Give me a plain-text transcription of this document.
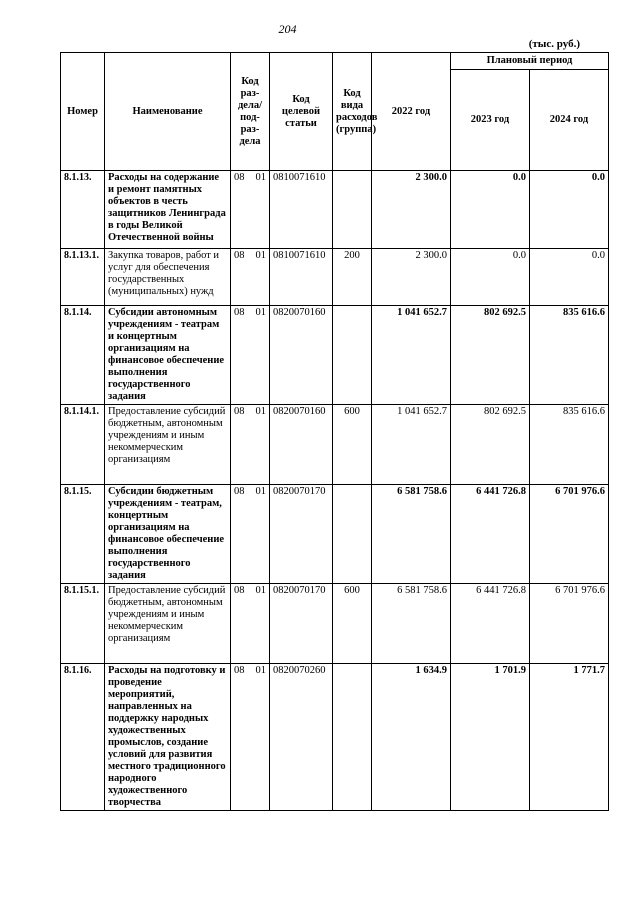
204
(тыс. руб.)
Номер	Наименование	Код раз-дела/ под-раз-дела	Код целевой статьи	Код вида расходов (группа)	2022 год	Плановый период	
						2023 год	2024 год
8.1.13.	Расходы на содержание и ремонт памятных объектов в честь защитников Ленинграда в годы Великой Отечественной войны	08 01	0810071610		2 300.0	0.0	0.0
8.1.13.1.	Закупка товаров, работ и услуг для обеспечения государственных (муниципальных) нужд	08 01	0810071610	200	2 300.0	0.0	0.0
8.1.14.	Субсидии автономным учреждениям - театрам и концертным организациям на финансовое обеспечение выполнения государственного задания	08 01	0820070160		1 041 652.7	802 692.5	835 616.6
8.1.14.1.	Предоставление субсидий бюджетным, автономным учреждениям и иным некоммерческим организациям	08 01	0820070160	600	1 041 652.7	802 692.5	835 616.6
8.1.15.	Субсидии бюджетным учреждениям - театрам, концертным организациям на финансовое обеспечение выполнения государственного задания	08 01	0820070170		6 581 758.6	6 441 726.8	6 701 976.6
8.1.15.1.	Предоставление субсидий бюджетным, автономным учреждениям и иным некоммерческим организациям	08 01	0820070170	600	6 581 758.6	6 441 726.8	6 701 976.6
8.1.16.	Расходы на подготовку и проведение мероприятий, направленных на поддержку народных художественных промыслов, создание условий для развития местного традиционного народного художественного творчества	08 01	0820070260		1 634.9	1 701.9	1 771.7
